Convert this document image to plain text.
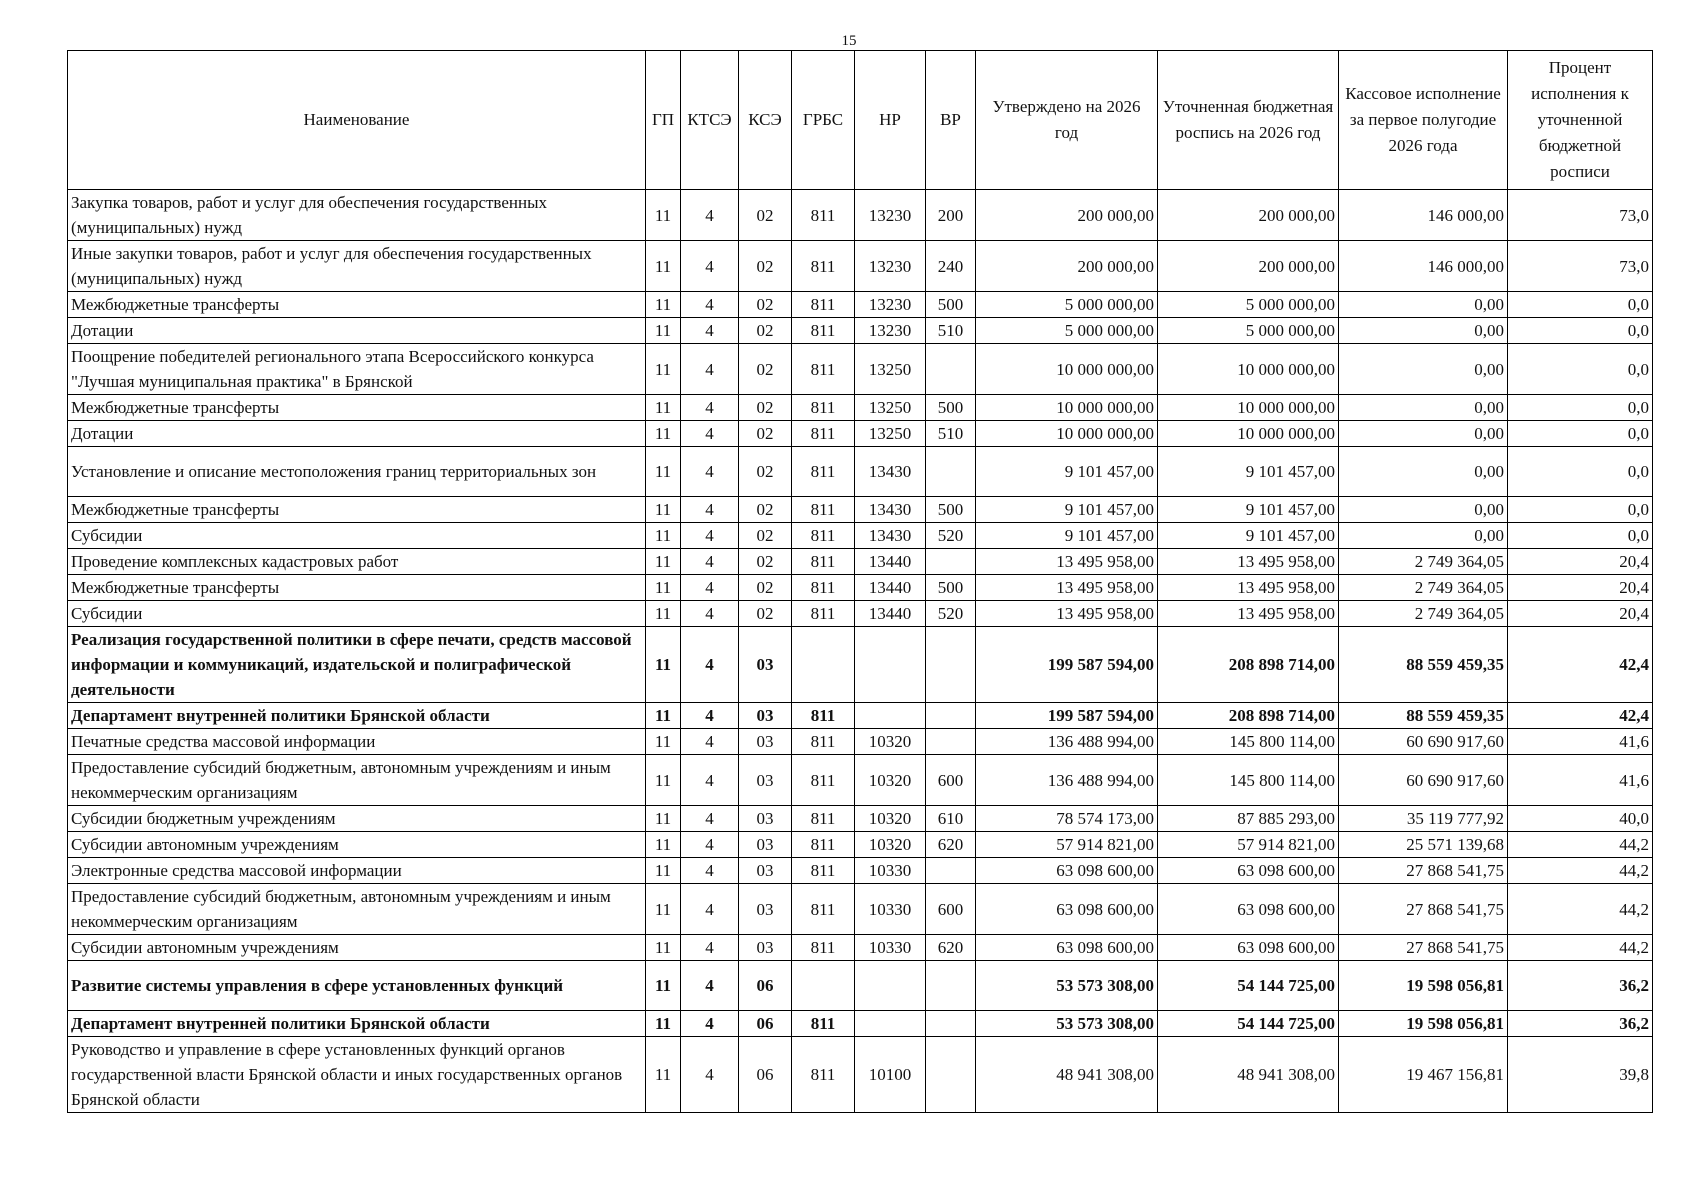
15
Наименование	ГП	КТСЭ	КСЭ	ГРБС	НР	ВР	Утверждено на 2026 год	Уточненная бюджетная роспись на 2026 год	Кассовое исполнение за первое полугодие 2026 года	Процент исполнения к уточненной бюджетной росписи
Закупка товаров, работ и услуг для обеспечения государственных (муниципальных) нужд	11	4	02	811	13230	200	200 000,00	200 000,00	146 000,00	73,0
Иные закупки товаров, работ и услуг для обеспечения государственных (муниципальных) нужд	11	4	02	811	13230	240	200 000,00	200 000,00	146 000,00	73,0
Межбюджетные трансферты	11	4	02	811	13230	500	5 000 000,00	5 000 000,00	0,00	0,0
Дотации	11	4	02	811	13230	510	5 000 000,00	5 000 000,00	0,00	0,0
Поощрение победителей регионального этапа Всероссийского конкурса "Лучшая муниципальная практика" в Брянской	11	4	02	811	13250		10 000 000,00	10 000 000,00	0,00	0,0
Межбюджетные трансферты	11	4	02	811	13250	500	10 000 000,00	10 000 000,00	0,00	0,0
Дотации	11	4	02	811	13250	510	10 000 000,00	10 000 000,00	0,00	0,0
Установление и описание местоположения границ территориальных зон	11	4	02	811	13430		9 101 457,00	9 101 457,00	0,00	0,0
Межбюджетные трансферты	11	4	02	811	13430	500	9 101 457,00	9 101 457,00	0,00	0,0
Субсидии	11	4	02	811	13430	520	9 101 457,00	9 101 457,00	0,00	0,0
Проведение комплексных кадастровых работ	11	4	02	811	13440		13 495 958,00	13 495 958,00	2 749 364,05	20,4
Межбюджетные трансферты	11	4	02	811	13440	500	13 495 958,00	13 495 958,00	2 749 364,05	20,4
Субсидии	11	4	02	811	13440	520	13 495 958,00	13 495 958,00	2 749 364,05	20,4
Реализация государственной политики в сфере печати, средств массовой информации и коммуникаций, издательской и полиграфической деятельности	11	4	03				199 587 594,00	208 898 714,00	88 559 459,35	42,4
Департамент внутренней политики Брянской области	11	4	03	811			199 587 594,00	208 898 714,00	88 559 459,35	42,4
Печатные средства массовой информации	11	4	03	811	10320		136 488 994,00	145 800 114,00	60 690 917,60	41,6
Предоставление субсидий бюджетным, автономным учреждениям и иным некоммерческим организациям	11	4	03	811	10320	600	136 488 994,00	145 800 114,00	60 690 917,60	41,6
Субсидии бюджетным учреждениям	11	4	03	811	10320	610	78 574 173,00	87 885 293,00	35 119 777,92	40,0
Субсидии автономным учреждениям	11	4	03	811	10320	620	57 914 821,00	57 914 821,00	25 571 139,68	44,2
Электронные средства массовой информации	11	4	03	811	10330		63 098 600,00	63 098 600,00	27 868 541,75	44,2
Предоставление субсидий бюджетным, автономным учреждениям и иным некоммерческим организациям	11	4	03	811	10330	600	63 098 600,00	63 098 600,00	27 868 541,75	44,2
Субсидии автономным учреждениям	11	4	03	811	10330	620	63 098 600,00	63 098 600,00	27 868 541,75	44,2
Развитие системы управления в сфере установленных функций	11	4	06				53 573 308,00	54 144 725,00	19 598 056,81	36,2
Департамент внутренней политики Брянской области	11	4	06	811			53 573 308,00	54 144 725,00	19 598 056,81	36,2
Руководство и управление в сфере установленных функций органов государственной власти Брянской области и иных государственных органов Брянской области	11	4	06	811	10100		48 941 308,00	48 941 308,00	19 467 156,81	39,8
